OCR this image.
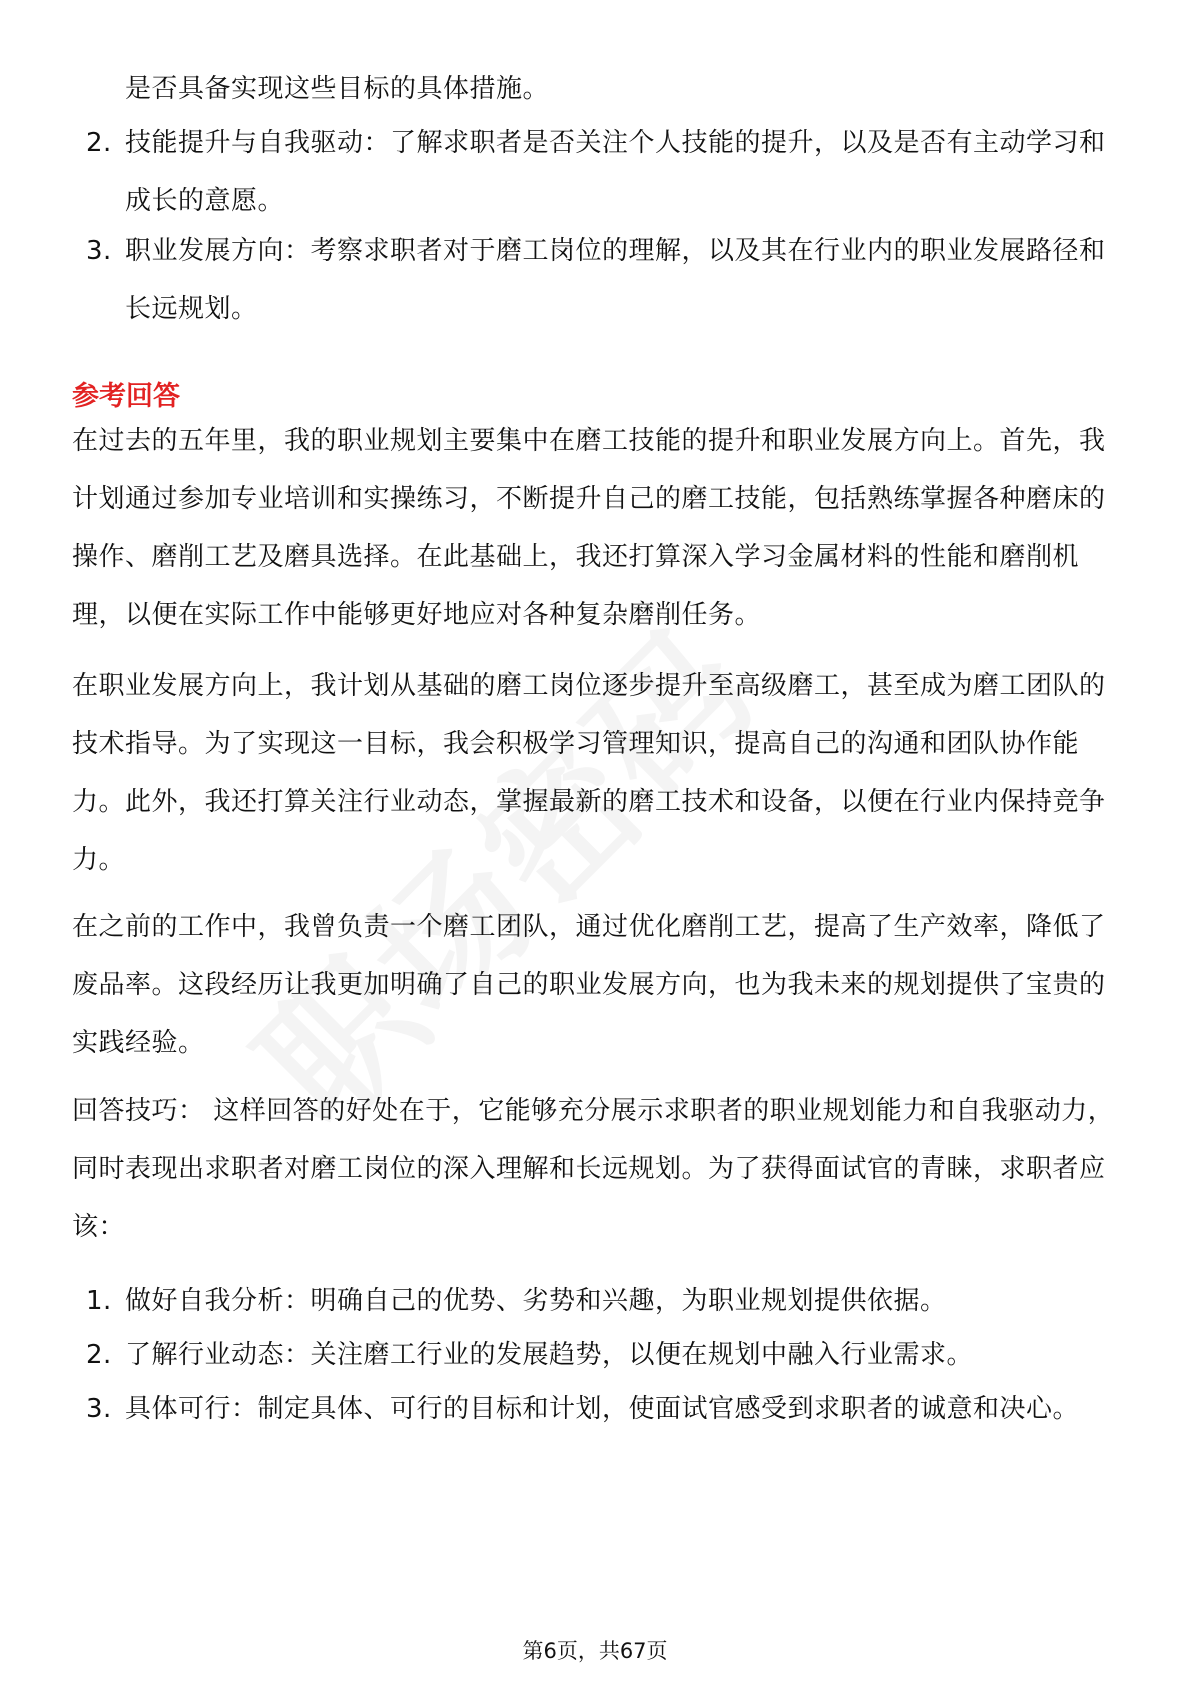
是否具备实现这些目标的具体措施。
2. 技能提升与自我驱动：了解求职者是否关注个人技能的提升，以及是否有主动学习和成长的意愿。
3. 职业发展方向：考察求职者对于磨工岗位的理解，以及其在行业内的职业发展路径和长远规划。
参考回答

在过去的五年里，我的职业规划主要集中在磨工技能的提升和职业发展方向上。首先，我计划通过参加专业培训和实操练习，不断提升自己的磨工技能，包括熟练掌握各种磨床的操作、磨削工艺及磨具选择。在此基础上，我还打算深入学习金属材料的性能和磨削机理，以便在实际工作中能够更好地应对各种复杂磨削任务。

在职业发展方向上，我计划从基础的磨工岗位逐步提升至高级磨工，甚至成为磨工团队的技术指导。为了实现这一目标，我会积极学习管理知识，提高自己的沟通和团队协作能力。此外，我还打算关注行业动态，掌握最新的磨工技术和设备，以便在行业内保持竞争力。

在之前的工作中，我曾负责一个磨工团队，通过优化磨削工艺，提高了生产效率，降低了废品率。这段经历让我更加明确了自己的职业发展方向，也为我未来的规划提供了宝贵的实践经验。

回答技巧： 这样回答的好处在于，它能够充分展示求职者的职业规划能力和自我驱动力，同时表现出求职者对磨工岗位的深入理解和长远规划。为了获得面试官的青睐，求职者应该：

1. 做好自我分析：明确自己的优势、劣势和兴趣，为职业规划提供依据。
2. 了解行业动态：关注磨工行业的发展趋势，以便在规划中融入行业需求。
3. 具体可行：制定具体、可行的目标和计划，使面试官感受到求职者的诚意和决心。
第6页，共67页
